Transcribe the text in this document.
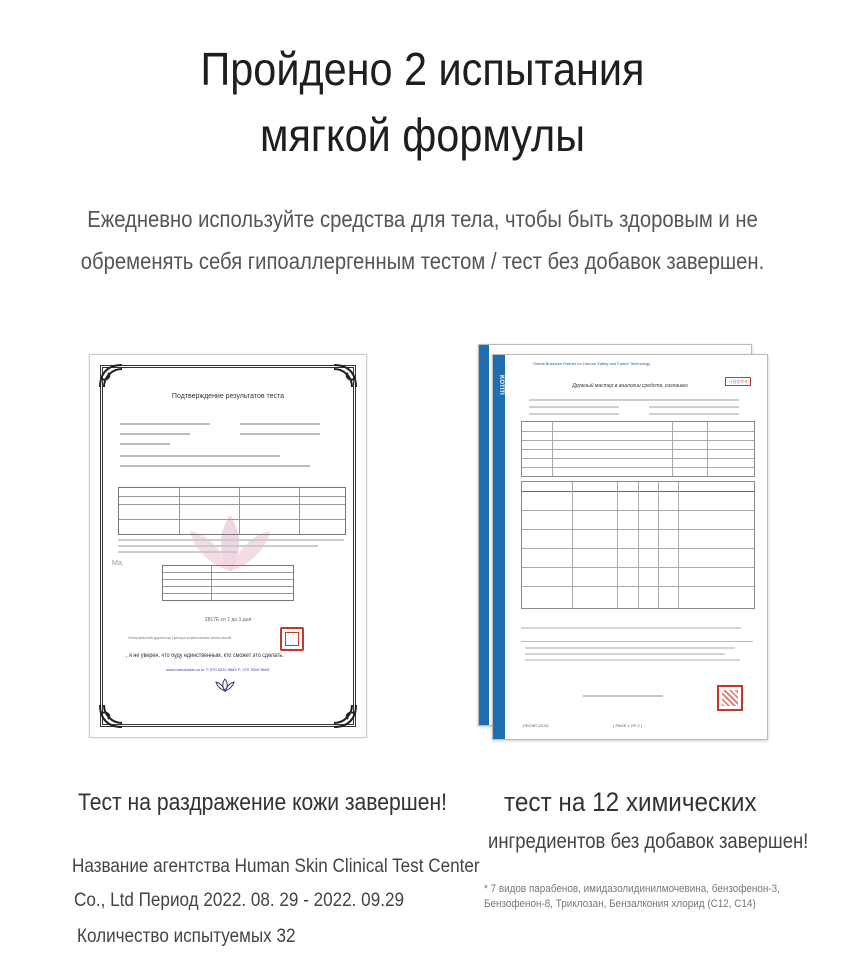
Пройдено 2 испытания
мягкой формулы
Ежедневно используйте средства для тела, чтобы быть здоровым и не
обременять себя гипоаллергенным тестом / тест без добавок завершен.
Подтверждение результатов теста
Ma.
2817E cn 1 до 1 дня
Генеральный директор Центра клинических испытаний
, я не уверен, что буду единственным, кто сможет это сделать.
www.humanskin.co.kr T: 070 5222 9663 F: 070 7500 9663
KOTITI
Global Business Partner for Human Safety and Future Technology
시험성적서
Дружный мастер в аналогии средств, соглашен
DPCNP-23-02	( PAGE 1 OF 2 )
Тест на раздражение кожи завершен!
Название агентства Human Skin Clinical Test Center
Co., Ltd Период 2022. 08. 29 - 2022. 09.29
Количество испытуемых 32
тест на 12 химических
ингредиентов без добавок завершен!
* 7 видов парабенов, имидазолидинилмочевина, бензофенон-3,
Бензофенон-8, Триклозан, Бензалкония хлорид (C12, C14)
